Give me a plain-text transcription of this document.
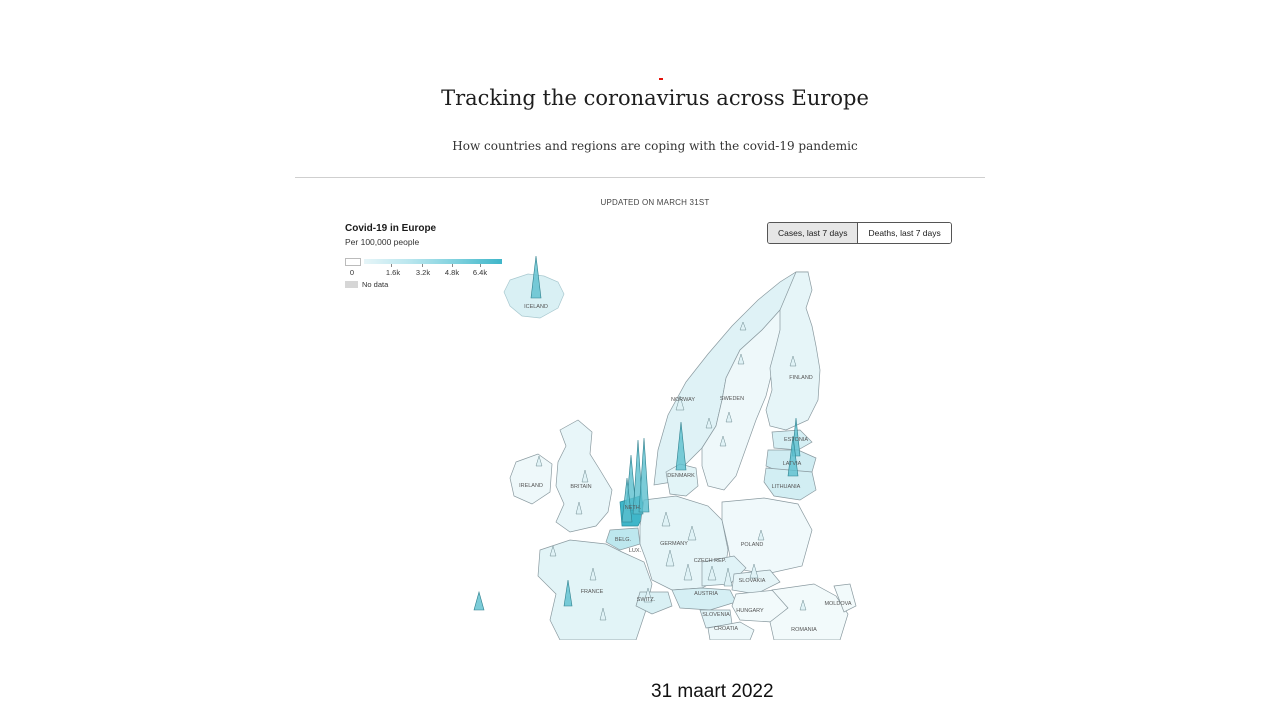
Tracking the coronavirus across Europe
How countries and regions are coping with the covid-19 pandemic
UPDATED ON MARCH 31ST
Covid-19 in Europe
Per 100,000 people
Cases, last 7 days	Deaths, last 7 days
0	1.6k 3.2k 4.8k 6.4k
No data
ICELAND
NORWAY	SWEDEN
FINLAND
ESTONIA
LATVIA
LITHUANIA
DENMARK
IRELAND	BRITAIN
NETH.
BELG.
LUX.
GERMANY	POLAND
CZECH REP.
SLOVAKIA
AUSTRIA
SWITZ.
FRANCE
HUNGARY
SLOVENIA
CROATIA	ROMANIA
MOLDOVA
31 maart 2022
